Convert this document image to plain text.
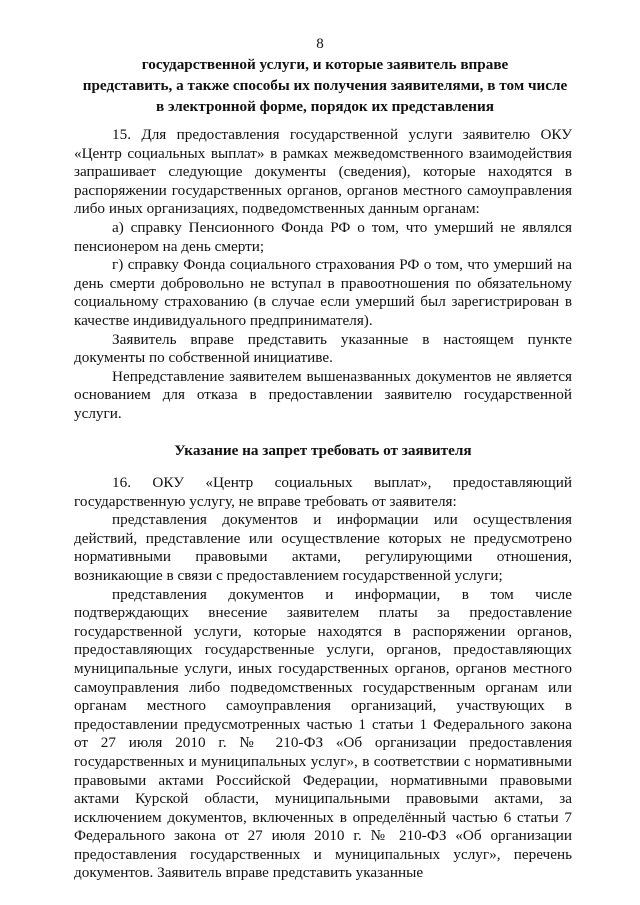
8
государственной услуги, и которые заявитель вправе
представить, а также способы их получения заявителями, в том числе
в электронной форме, порядок их представления

15. Для предоставления государственной услуги заявителю ОКУ «Центр социальных выплат» в рамках межведомственного взаимодействия запрашивает следующие документы (сведения), которые находятся в распоряжении государственных органов, органов местного самоуправления либо иных организациях, подведомственных данным органам:

а) справку Пенсионного Фонда РФ о том, что умерший не являлся пенсионером на день смерти;

г) справку Фонда социального страхования РФ о том, что умерший на день смерти добровольно не вступал в правоотношения по обязательному социальному страхованию (в случае если умерший был зарегистрирован в качестве индивидуального предпринимателя).

Заявитель вправе представить указанные в настоящем пункте документы по собственной инициативе.

Непредставление заявителем вышеназванных документов не является основанием для отказа в предоставлении заявителю государственной услуги.

Указание на запрет требовать от заявителя

16. ОКУ «Центр социальных выплат», предоставляющий государственную услугу, не вправе требовать от заявителя:

представления документов и информации или осуществления действий, представление или осуществление которых не предусмотрено нормативными правовыми актами, регулирующими отношения, возникающие в связи с предоставлением государственной услуги;

представления документов и информации, в том числе подтверждающих внесение заявителем платы за предоставление государственной услуги, которые находятся в распоряжении органов, предоставляющих государственные услуги, органов, предоставляющих муниципальные услуги, иных государственных органов, органов местного самоуправления либо подведомственных государственным органам или органам местного самоуправления организаций, участвующих в предоставлении предусмотренных частью 1 статьи 1 Федерального закона от 27 июля 2010 г. № 210-ФЗ «Об организации предоставления государственных и муниципальных услуг», в соответствии с нормативными правовыми актами Российской Федерации, нормативными правовыми актами Курской области, муниципальными правовыми актами, за исключением документов, включенных в определённый частью 6 статьи 7 Федерального закона от 27 июля 2010 г. № 210-ФЗ «Об организации предоставления государственных и муниципальных услуг», перечень документов. Заявитель вправе представить указанные
